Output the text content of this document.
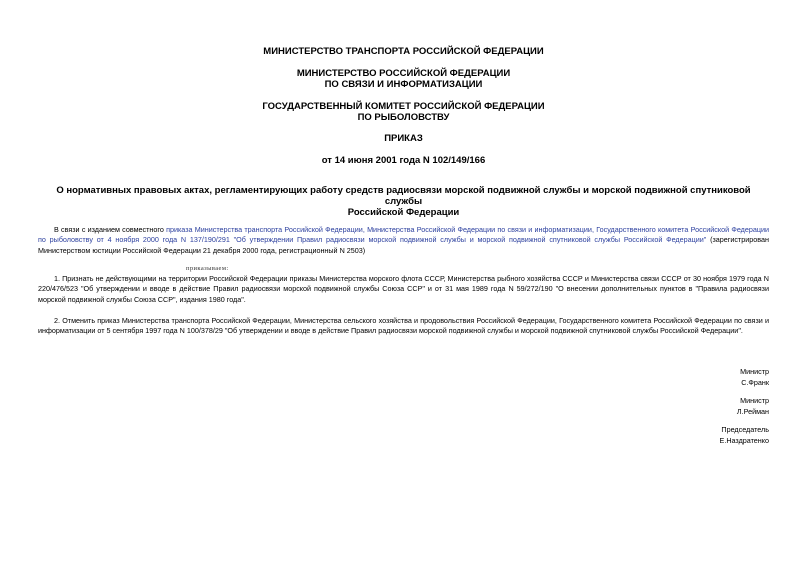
МИНИСТЕРСТВО ТРАНСПОРТА РОССИЙСКОЙ ФЕДЕРАЦИИ
МИНИСТЕРСТВО РОССИЙСКОЙ ФЕДЕРАЦИИ
ПО СВЯЗИ И ИНФОРМАТИЗАЦИИ
ГОСУДАРСТВЕННЫЙ КОМИТЕТ РОССИЙСКОЙ ФЕДЕРАЦИИ
ПО РЫБОЛОВСТВУ
ПРИКАЗ
от 14 июня 2001 года N 102/149/166
О нормативных правовых актах, регламентирующих работу средств радиосвязи морской подвижной службы и морской подвижной спутниковой службы
Российской Федерации

В связи с изданием совместного приказа Министерства транспорта Российской Федерации, Министерства Российской Федерации по связи и информатизации, Государственного комитета Российской Федерации по рыболовству от 4 ноября 2000 года N 137/190/291 "Об утверждении Правил радиосвязи морской подвижной службы и морской подвижной спутниковой службы Российской Федерации" (зарегистрирован Министерством юстиции Российской Федерации 21 декабря 2000 года, регистрационный N 2503)

приказываем:

1. Признать не действующими на территории Российской Федерации приказы Министерства морского флота СССР, Министерства рыбного хозяйства СССР и Министерства связи СССР от 30 ноября 1979 года N 220/476/523 "Об утверждении и вводе в действие Правил радиосвязи морской подвижной службы Союза ССР" и от 31 мая 1989 года N 59/272/190 "О внесении дополнительных пунктов в "Правила радиосвязи морской подвижной службы Союза ССР", издания 1980 года".

2. Отменить приказ Министерства транспорта Российской Федерации, Министерства сельского хозяйства и продовольствия Российской Федерации, Государственного комитета Российской Федерации по связи и информатизации от 5 сентября 1997 года N 100/378/29 "Об утверждении и вводе в действие Правил радиосвязи морской подвижной службы и морской подвижной спутниковой службы Российской Федерации".

Министр
С.Франк
Министр
Л.Рейман
Председатель
Е.Наздратенко
